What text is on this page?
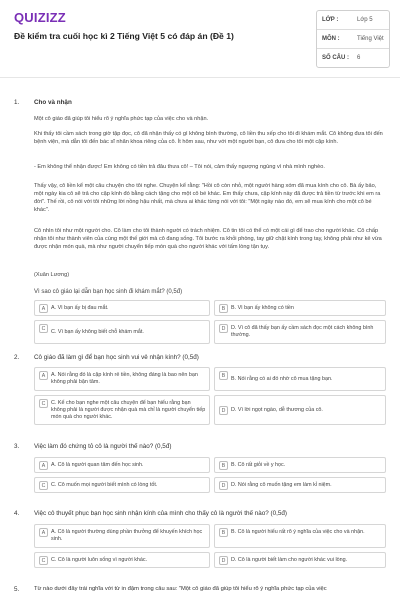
QUIZIZZ
Đề kiểm tra cuối học kì 2 Tiếng Việt 5 có đáp án (Đề 1)
LỚP :	Lớp 5
MÔN :	Tiếng Việt
SỐ CÂU : 6
1. Cho và nhận
Một cô giáo đã giúp tôi hiểu rõ ý nghĩa phức tạp của việc cho và nhận.
Khi thấy tôi cầm sách trong giờ tập đọc, cô đã nhận thấy có gì không bình thường, cô liền thu xếp cho tôi đi khám mắt. Cô không đưa tôi đến bệnh viện, mà dẫn tôi đến bác sĩ nhãn khoa riêng của cô. Ít hôm sau, như với một người bạn, cô đưa cho tôi một cặp kính.
- Em không thể nhận được! Em không có tiền trả đâu thưa cô! – Tôi nói, cảm thấy ngượng ngùng vì nhà mình nghèo.
Thấy vậy, cô liền kể một câu chuyện cho tôi nghe. Chuyện kể rằng: "Hồi cô còn nhỏ, một người hàng xóm đã mua kính cho cô. Bà ấy bảo, một ngày kia cô sẽ trả cho cặp kính đó bằng cách tặng cho một cô bé khác. Em thấy chưa, cặp kính này đã được trả tiền từ trước khi em ra đời". Thế rồi, cô nói với tôi những lời nồng hậu nhất, mà chưa ai khác từng nói với tôi: "Một ngày nào đó, em sẽ mua kính cho một cô bé khác".
Cô nhìn tôi như một người cho. Cô làm cho tôi thành người có trách nhiệm. Cô tin tôi có thể có một cái gì để trao cho người khác. Cô chấp nhận tôi như thành viên của cùng một thế giới mà cô đang sống. Tôi bước ra khỏi phòng, tay giữ chặt kính trong tay, không phải như kẻ vừa được nhận món quà, mà như người chuyển tiếp món quà cho người khác với tấm lòng tận tụy.
(Xuân Lương)
Vì sao cô giáo lại dẫn bạn học sinh đi khám mắt? (0,5đ)
A	A. Vì bạn ấy bị đau mắt.	B	B. Vì bạn ấy không có tiền
C	C. Vì bạn ấy không biết chỗ khám mắt.	D	D. Vì cô đã thấy bạn ấy cầm sách đọc một cách không bình thường.
2. Cô giáo đã làm gì để bạn học sinh vui vẻ nhận kính? (0,5đ)
A	A. Nói rằng đó là cặp kính rẻ tiền, không đáng là bao nên bạn không phải bận tâm.
B	B. Nói rằng có ai đó nhờ cô mua tặng bạn.
C	C. Kể cho bạn nghe một câu chuyện để bạn hiểu rằng bạn không phải là người được nhận quà mà chỉ là người chuyển tiếp món quà cho người khác.
D	D. Vì lời ngọt ngào, dễ thương của cô.
3. Việc làm đó chứng tỏ cô là người thế nào? (0,5đ)
A	A. Cô là người quan tâm đến học sinh.	B	B. Cô rất giỏi về y học.
C	C. Cô muốn mọi người biết mình có lòng tốt.	D	D. Nói rằng cô muốn tặng em làm kỉ niệm.
4. Việc cô thuyết phục bạn học sinh nhận kính của mình cho thấy cô là người thế nào? (0,5đ)
A	A. Cô là người thường dùng phần thưởng để khuyến khích học sinh.
B	B. Cô là người hiểu rất rõ ý nghĩa của việc cho và nhận.
C	C. Cô là người luôn sống vì người khác.	D	D. Cô là người biết làm cho người khác vui lòng.
5.	Từ nào dưới đây trái nghĩa với từ in đậm trong câu sau: "Một cô giáo đã giúp tôi hiểu rõ ý nghĩa phức tạp của việc
